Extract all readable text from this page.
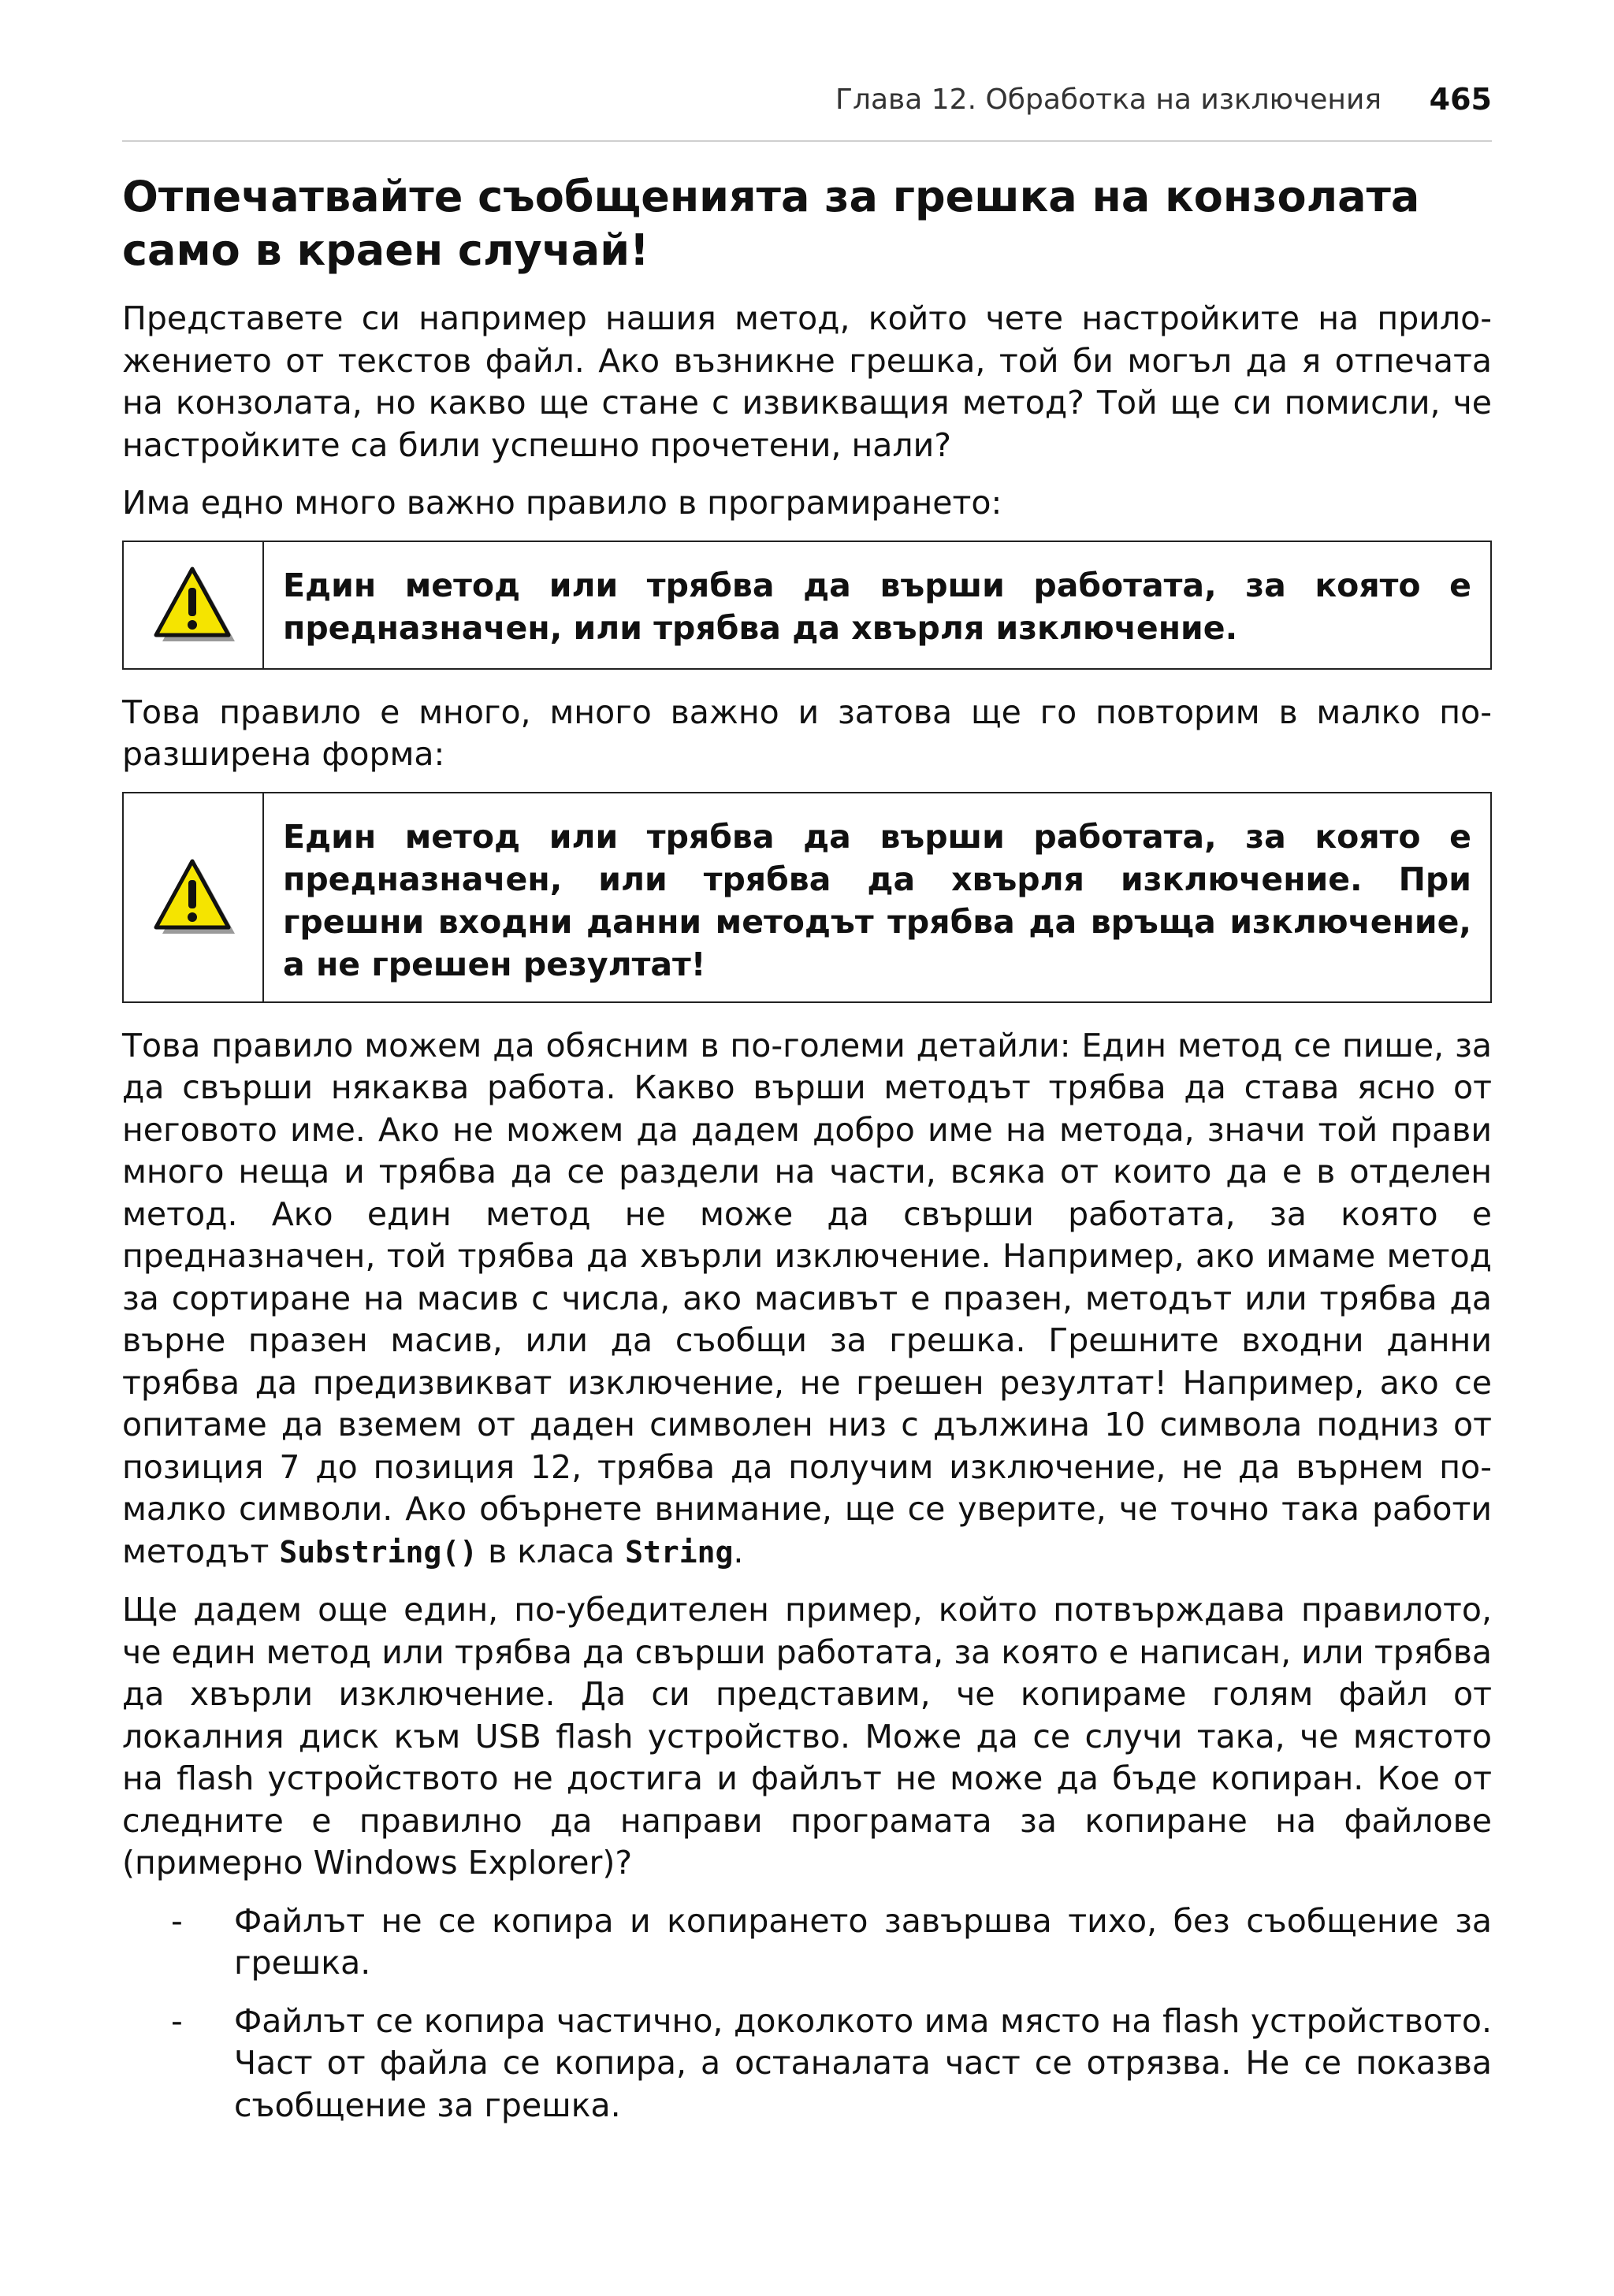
Глава 12. Обработка на изключения 465
Отпечатвайте съобщенията за грешка на конзолата само в краен случай!

Представете си например нашия метод, който чете настройките на приложението от текстов файл. Ако възникне грешка, той би могъл да я отпечата на конзолата, но какво ще стане с извикващия метод? Той ще си помисли, че настройките са били успешно прочетени, нали?

Има едно много важно правило в програмирането:

Един метод или трябва да върши работата, за която е предназначен, или трябва да хвърля изключение.

Това правило е много, много важно и затова ще го повторим в малко по-разширена форма:

Един метод или трябва да върши работата, за която е предназначен, или трябва да хвърля изключение. При грешни входни данни методът трябва да връща изключение, а не грешен резултат!

Това правило можем да обясним в по-големи детайли: Един метод се пише, за да свърши някаква работа. Какво върши методът трябва да става ясно от неговото име. Ако не можем да дадем добро име на метода, значи той прави много неща и трябва да се раздели на части, всяка от които да е в отделен метод. Ако един метод не може да свърши работата, за която е предназначен, той трябва да хвърли изключение. Например, ако имаме метод за сортиране на масив с числа, ако масивът е празен, методът или трябва да върне празен масив, или да съобщи за грешка. Грешните входни данни трябва да предизвикват изключение, не грешен резултат! Например, ако се опитаме да вземем от даден символен низ с дължина 10 символа подниз от позиция 7 до позиция 12, трябва да получим изключение, не да върнем по-малко символи. Ако обърнете внимание, ще се уверите, че точно така работи методът Substring() в класа String.

Ще дадем още един, по-убедителен пример, който потвърждава правилото, че един метод или трябва да свърши работата, за която е написан, или трябва да хвърли изключение. Да си представим, че копираме голям файл от локалния диск към USB flash устройство. Може да се случи така, че мястото на flash устройството не достига и файлът не може да бъде копиран. Кое от следните е правилно да направи програмата за копиране на файлове (примерно Windows Explorer)?

- Файлът не се копира и копирането завършва тихо, без съобщение за грешка.
- Файлът се копира частично, доколкото има място на flash устройството. Част от файла се копира, а останалата част се отрязва. Не се показва съобщение за грешка.
